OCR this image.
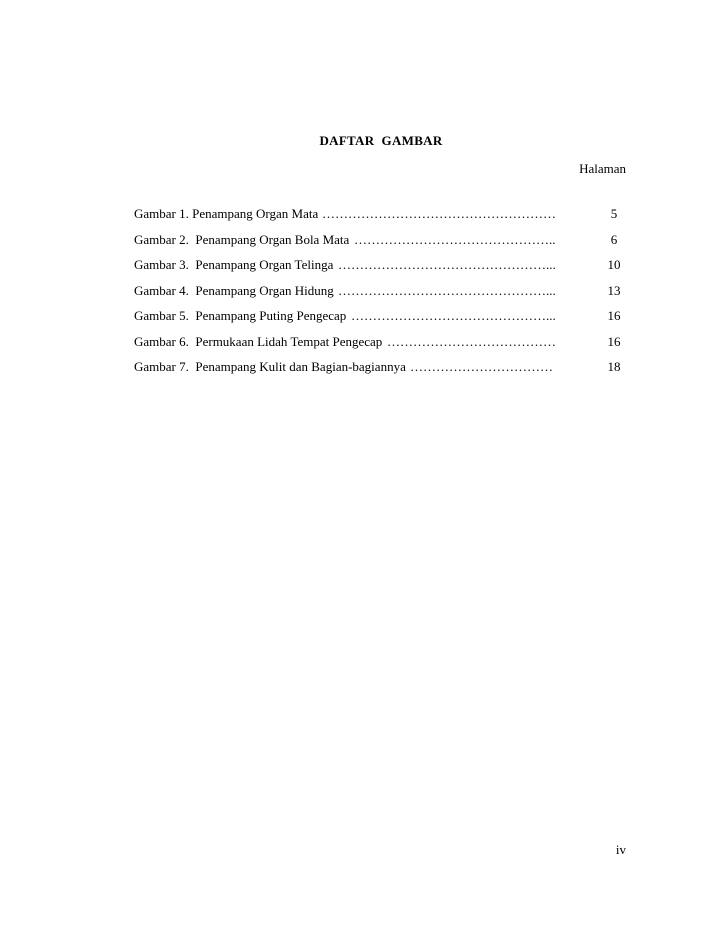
DAFTAR  GAMBAR
Halaman
Gambar 1. Penampang Organ Mata ………………………………………………	5
Gambar 2.  Penampang Organ Bola Mata ………………………………………..	6
Gambar 3.  Penampang Organ Telinga …………………………………………...	10
Gambar 4.  Penampang Organ Hidung …………………………………………...	13
Gambar 5.  Penampang Puting Pengecap ………………………………………...	16
Gambar 6.  Permukaan Lidah Tempat Pengecap …………………………………	16
Gambar 7.  Penampang Kulit dan Bagian-bagiannya ……………………………	18
iv
